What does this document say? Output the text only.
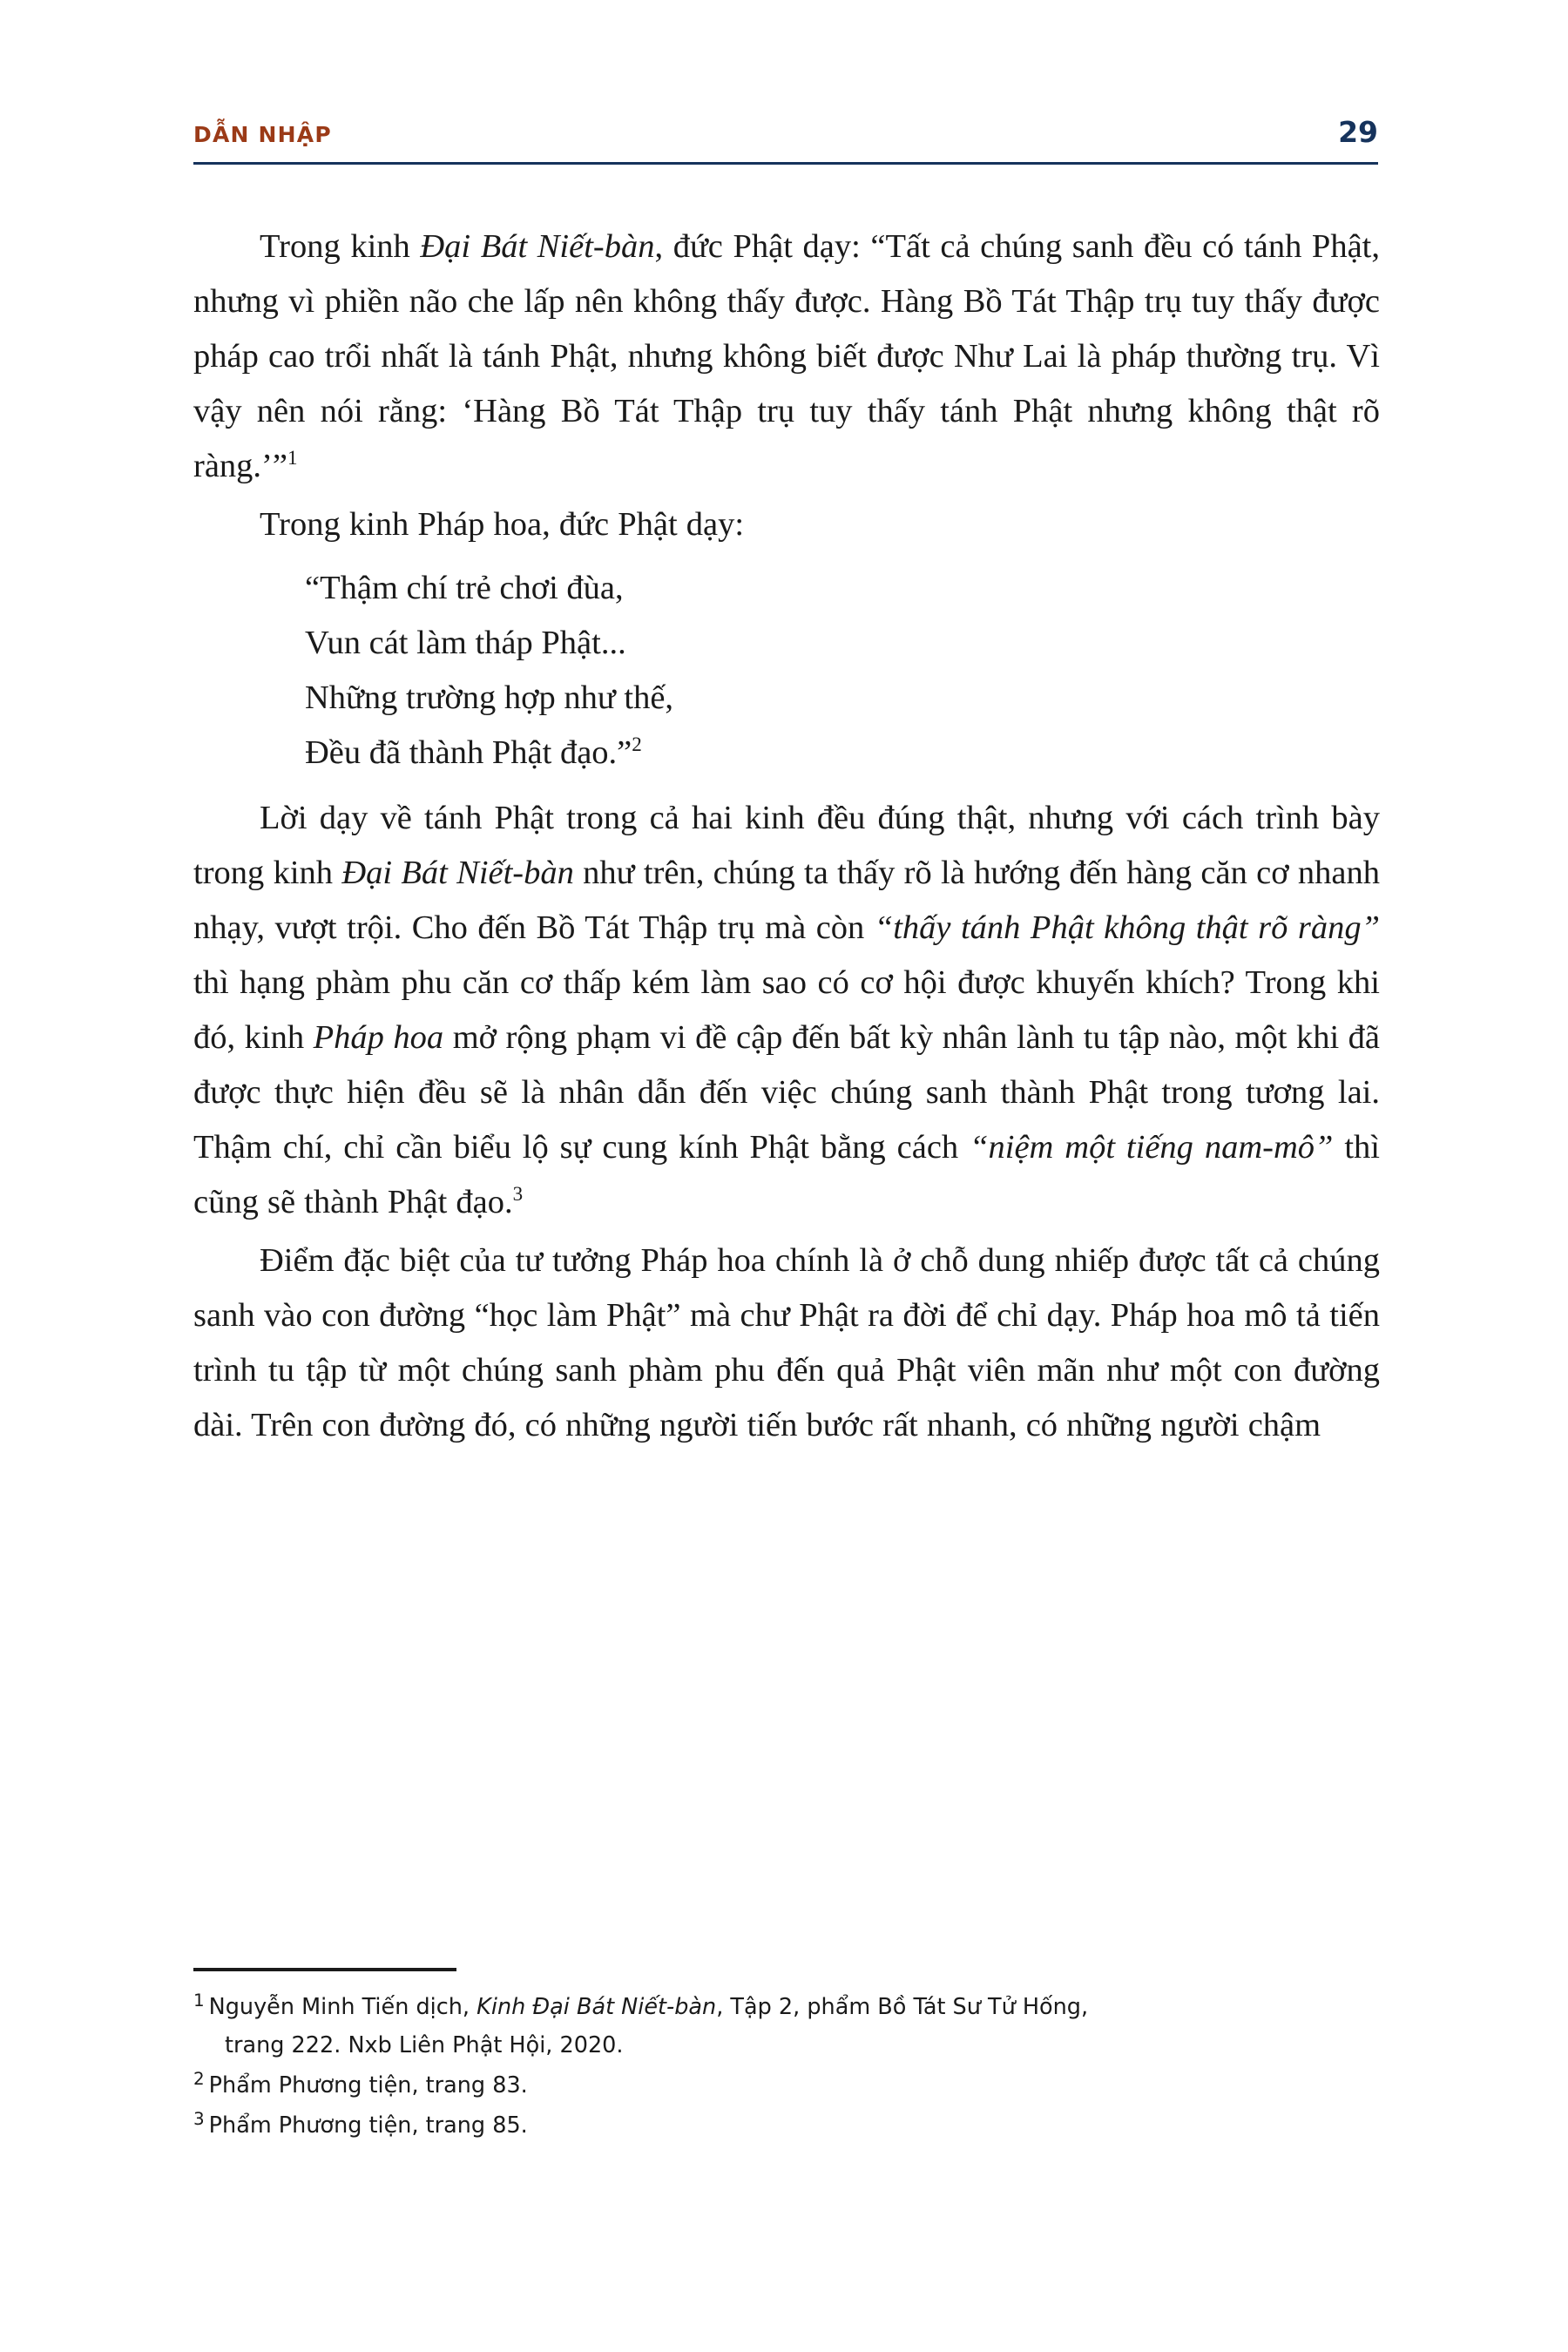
DẪN NHẬP	29

Trong kinh Đại Bát Niết-bàn, đức Phật dạy: “Tất cả chúng sanh đều có tánh Phật, nhưng vì phiền não che lấp nên không thấy được. Hàng Bồ Tát Thập trụ tuy thấy được pháp cao trổi nhất là tánh Phật, nhưng không biết được Như Lai là pháp thường trụ. Vì vậy nên nói rằng: ‘Hàng Bồ Tát Thập trụ tuy thấy tánh Phật nhưng không thật rõ ràng.’”$^1$

Trong kinh Pháp hoa, đức Phật dạy:

“Thậm chí trẻ chơi đùa,
Vun cát làm tháp Phật...
Những trường hợp như thế,
Đều đã thành Phật đạo.”$^2$

Lời dạy về tánh Phật trong cả hai kinh đều đúng thật, nhưng với cách trình bày trong kinh Đại Bát Niết-bàn như trên, chúng ta thấy rõ là hướng đến hàng căn cơ nhanh nhạy, vượt trội. Cho đến Bồ Tát Thập trụ mà còn “thấy tánh Phật không thật rõ ràng” thì hạng phàm phu căn cơ thấp kém làm sao có cơ hội được khuyến khích? Trong khi đó, kinh Pháp hoa mở rộng phạm vi đề cập đến bất kỳ nhân lành tu tập nào, một khi đã được thực hiện đều sẽ là nhân dẫn đến việc chúng sanh thành Phật trong tương lai. Thậm chí, chỉ cần biểu lộ sự cung kính Phật bằng cách “niệm một tiếng nam-mô” thì cũng sẽ thành Phật đạo.$^3$

Điểm đặc biệt của tư tưởng Pháp hoa chính là ở chỗ dung nhiếp được tất cả chúng sanh vào con đường “học làm Phật” mà chư Phật ra đời để chỉ dạy. Pháp hoa mô tả tiến trình tu tập từ một chúng sanh phàm phu đến quả Phật viên mãn như một con đường dài. Trên con đường đó, có những người tiến bước rất nhanh, có những người chậm

$^1$ Nguyễn Minh Tiến dịch, Kinh Đại Bát Niết-bàn, Tập 2, phẩm Bồ Tát Sư Tử Hống,
trang 222. Nxb Liên Phật Hội, 2020.
$^2$ Phẩm Phương tiện, trang 83.
$^3$ Phẩm Phương tiện, trang 85.
